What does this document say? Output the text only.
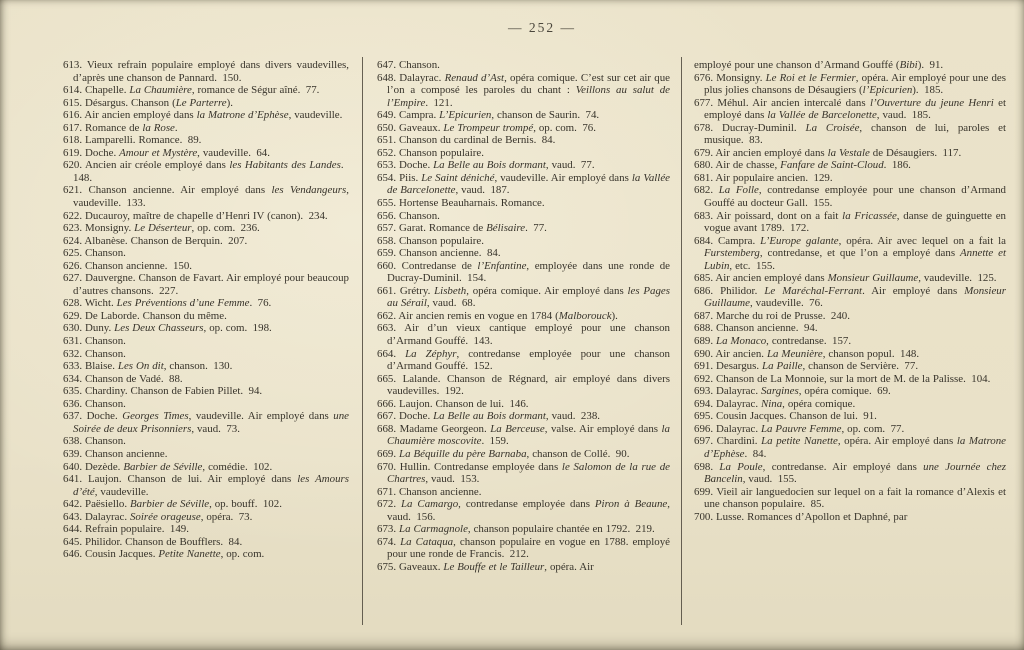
— 252 —
613. Vieux refrain populaire employé dans divers vaudevilles, d’après une chanson de Pannard. 150.
614. Chapelle. La Chaumière, romance de Ségur aîné. 77.
615. Désargus. Chanson (Le Parterre).
616. Air ancien employé dans la Matrone d’Ephèse, vaudeville.
617. Romance de la Rose.
618. Lamparelli. Romance. 89.
619. Doche. Amour et Mystère, vaudeville. 64.
620. Ancien air créole employé dans les Habitants des Landes. 148.
621. Chanson ancienne. Air employé dans les Vendangeurs, vaudeville. 133.
622. Ducauroy, maître de chapelle d’Henri IV (canon). 234.
623. Monsigny. Le Déserteur, op. com. 236.
624. Albanèse. Chanson de Berquin. 207.
625. Chanson.
626. Chanson ancienne. 150.
627. Dauvergne. Chanson de Favart. Air employé pour beaucoup d’autres chansons. 227.
628. Wicht. Les Préventions d’une Femme. 76.
629. De Laborde. Chanson du même.
630. Duny. Les Deux Chasseurs, op. com. 198.
631. Chanson.
632. Chanson.
633. Blaise. Les On dit, chanson. 130.
634. Chanson de Vadé. 88.
635. Chardiny. Chanson de Fabien Pillet. 94.
636. Chanson.
637. Doche. Georges Times, vaudeville. Air employé dans une Soirée de deux Prisonniers, vaud. 73.
638. Chanson.
639. Chanson ancienne.
640. Dezède. Barbier de Séville, comédie. 102.
641. Laujon. Chanson de lui. Air employé dans les Amours d’été, vaudeville.
642. Paësiello. Barbier de Séville, op. bouff. 102.
643. Dalayrac. Soirée orageuse, opéra. 73.
644. Refrain populaire. 149.
645. Philidor. Chanson de Boufflers. 84.
646. Cousin Jacques. Petite Nanette, op. com.
647. Chanson.
648. Dalayrac. Renaud d’Ast, opéra comique. C’est sur cet air que l’on a composé les paroles du chant : Veillons au salut de l’Empire. 121.
649. Campra. L’Epicurien, chanson de Saurin. 74.
650. Gaveaux. Le Trompeur trompé, op. com. 76.
651. Chanson du cardinal de Bernis. 84.
652. Chanson populaire.
653. Doche. La Belle au Bois dormant, vaud. 77.
654. Piis. Le Saint déniché, vaudeville. Air employé dans la Vallée de Barcelonette, vaud. 187.
655. Hortense Beauharnais. Romance.
656. Chanson.
657. Garat. Romance de Bélisaire. 77.
658. Chanson populaire.
659. Chanson ancienne. 84.
660. Contredanse de l’Enfantine, employée dans une ronde de Ducray-Duminil. 154.
661. Grétry. Lisbeth, opéra comique. Air employé dans les Pages au Sérail, vaud. 68.
662. Air ancien remis en vogue en 1784 (Malborouck).
663. Air d’un vieux cantique employé pour une chanson d’Armand Gouffé. 143.
664. La Zéphyr, contredanse employée pour une chanson d’Armand Gouffé. 152.
665. Lalande. Chanson de Régnard, air employé dans divers vaudevilles. 192.
666. Laujon. Chanson de lui. 146.
667. Doche. La Belle au Bois dormant, vaud. 238.
668. Madame Georgeon. La Berceuse, valse. Air employé dans la Chaumière moscovite. 159.
669. La Béquille du père Barnaba, chanson de Collé. 90.
670. Hullin. Contredanse employée dans le Salomon de la rue de Chartres, vaud. 153.
671. Chanson ancienne.
672. La Camargo, contredanse employée dans Piron à Beaune, vaud. 156.
673. La Carmagnole, chanson populaire chantée en 1792. 219.
674. La Cataqua, chanson populaire en vogue en 1788. employé pour une ronde de Francis. 212.
675. Gaveaux. Le Bouffe et le Tailleur, opéra. Air
employé pour une chanson d’Armand Gouffé (Bibi). 91.
676. Monsigny. Le Roi et le Fermier, opéra. Air employé pour une des plus jolies chansons de Désaugiers (l’Epicurien). 185.
677. Méhul. Air ancien intercalé dans l’Ouverture du jeune Henri et employé dans la Vallée de Barcelonette, vaud. 185.
678. Ducray-Duminil. La Croisée, chanson de lui, paroles et musique. 83.
679. Air ancien employé dans la Vestale de Désaugiers. 117.
680. Air de chasse, Fanfare de Saint-Cloud. 186.
681. Air populaire ancien. 129.
682. La Folle, contredanse employée pour une chanson d’Armand Gouffé au docteur Gall. 155.
683. Air poissard, dont on a fait la Fricassée, danse de guinguette en vogue avant 1789. 172.
684. Campra. L’Europe galante, opéra. Air avec lequel on a fait la Furstemberg, contredanse, et que l’on a employé dans Annette et Lubin, etc. 155.
685. Air ancien employé dans Monsieur Guillaume, vaudeville. 125.
686. Philidor. Le Maréchal-Ferrant. Air employé dans Monsieur Guillaume, vaudeville. 76.
687. Marche du roi de Prusse. 240.
688. Chanson ancienne. 94.
689. La Monaco, contredanse. 157.
690. Air ancien. La Meunière, chanson popul. 148.
691. Desargus. La Paille, chanson de Servière. 77.
692. Chanson de La Monnoie, sur la mort de M. de la Palisse. 104.
693. Dalayrac. Sargines, opéra comique. 69.
694. Dalayrac. Nina, opéra comique.
695. Cousin Jacques. Chanson de lui. 91.
696. Dalayrac. La Pauvre Femme, op. com. 77.
697. Chardini. La petite Nanette, opéra. Air employé dans la Matrone d’Ephèse. 84.
698. La Poule, contredanse. Air employé dans une Journée chez Bancelin, vaud. 155.
699. Vieil air languedocien sur lequel on a fait la romance d’Alexis et une chanson populaire. 85.
700. Lusse. Romances d’Apollon et Daphné, par
